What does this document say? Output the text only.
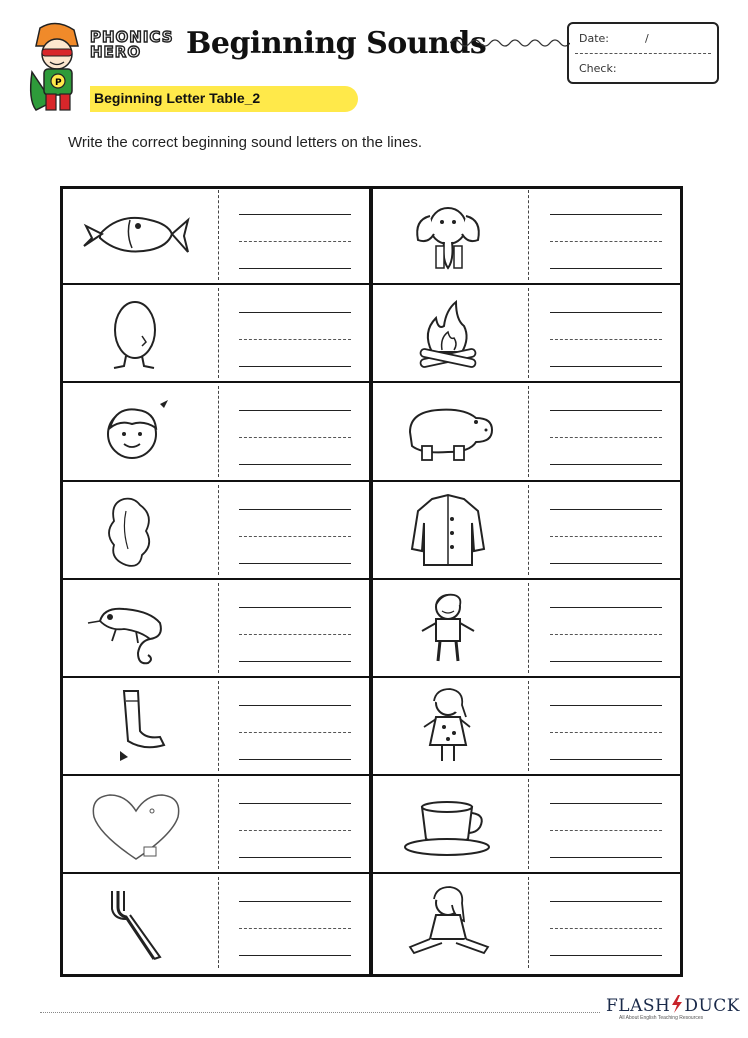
P
PHONICS
HERO	Beginning Sounds	Date:	/
Check:
Beginning Letter Table_2

Write the correct beginning sound letters on the lines.

FLASH DUCK
All About English Teaching Resources
